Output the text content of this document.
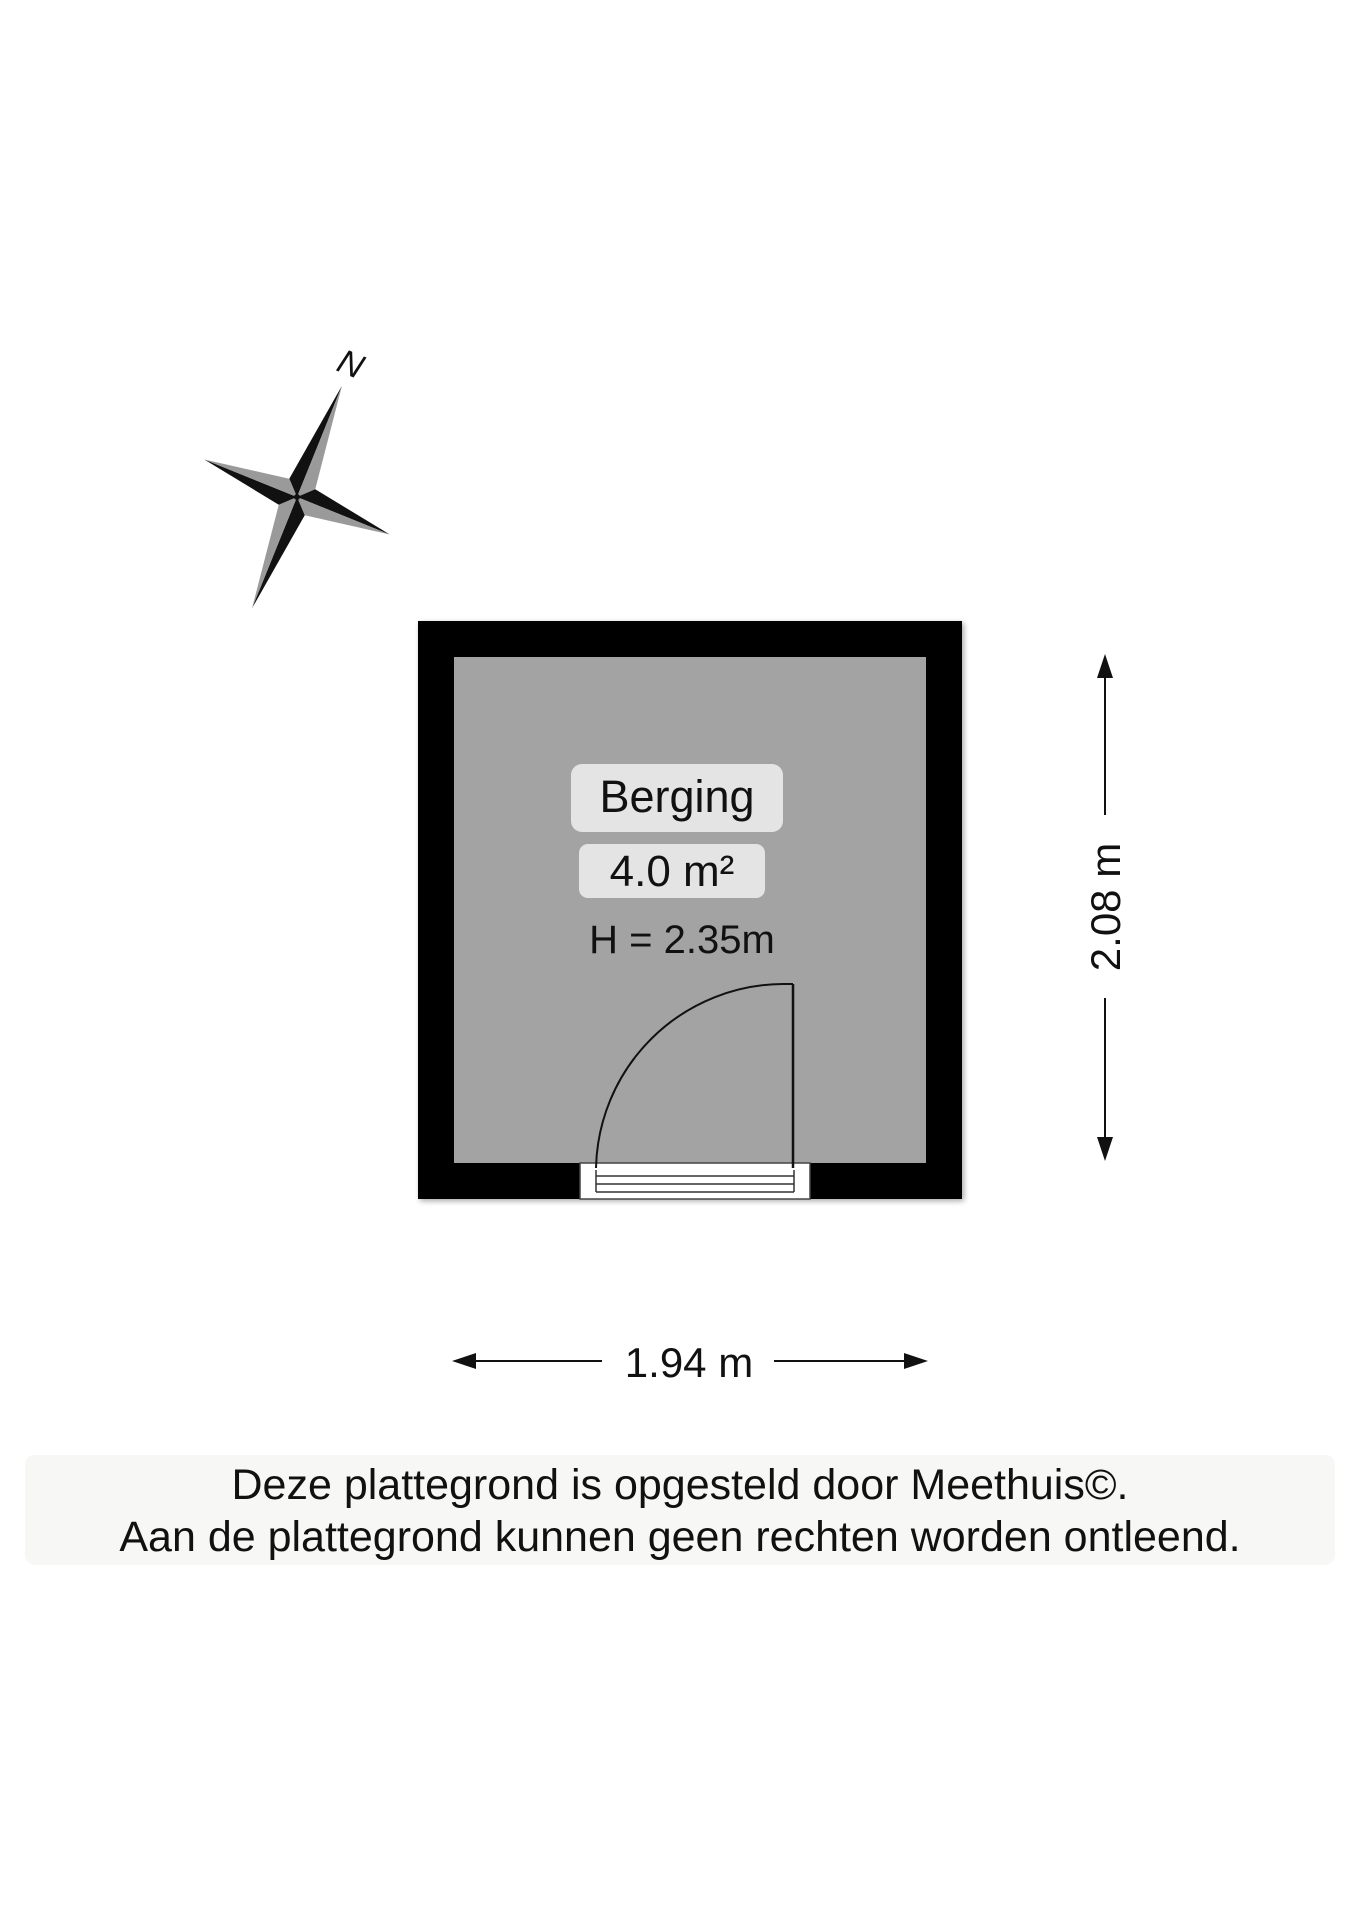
N
Berging
4.0 m²
H = 2.35m	2.08 m
1.94 m
Deze plattegrond is opgesteld door Meethuis©.
Aan de plattegrond kunnen geen rechten worden ontleend.
